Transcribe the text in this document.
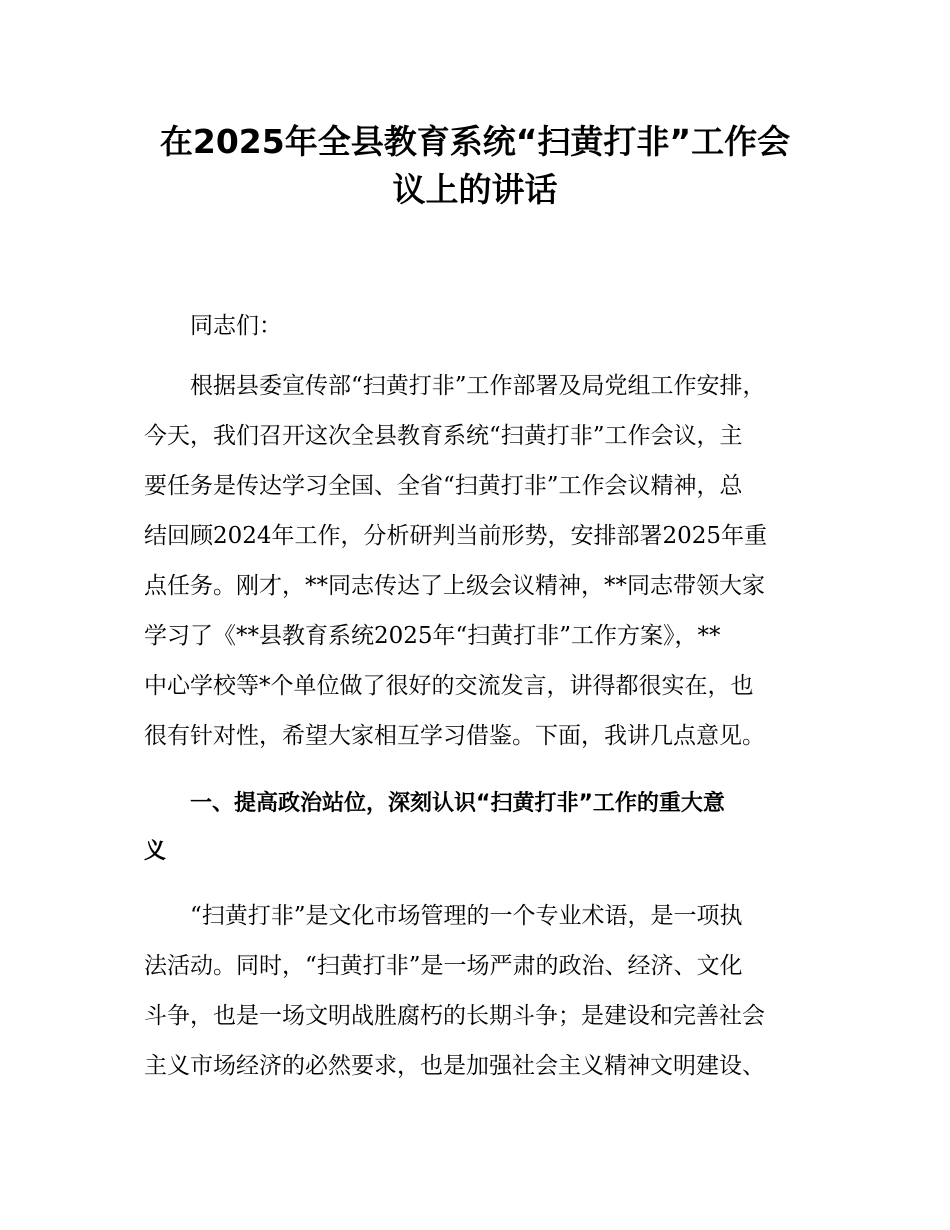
在2025年全县教育系统“扫黄打非”工作会
议上的讲话
同志们：
根据县委宣传部“扫黄打非”工作部署及局党组工作安排，
今天，我们召开这次全县教育系统“扫黄打非”工作会议，主
要任务是传达学习全国、全省“扫黄打非”工作会议精神，总
结回顾2024年工作，分析研判当前形势，安排部署2025年重
点任务。刚才，**同志传达了上级会议精神，**同志带领大家
学习了《**县教育系统2025年“扫黄打非”工作方案》，**
中心学校等*个单位做了很好的交流发言，讲得都很实在，也
很有针对性，希望大家相互学习借鉴。下面，我讲几点意见。
一、提高政治站位，深刻认识“扫黄打非”工作的重大意
义
“扫黄打非”是文化市场管理的一个专业术语，是一项执
法活动。同时，“扫黄打非”是一场严肃的政治、经济、文化
斗争，也是一场文明战胜腐朽的长期斗争；是建设和完善社会
主义市场经济的必然要求，也是加强社会主义精神文明建设、
